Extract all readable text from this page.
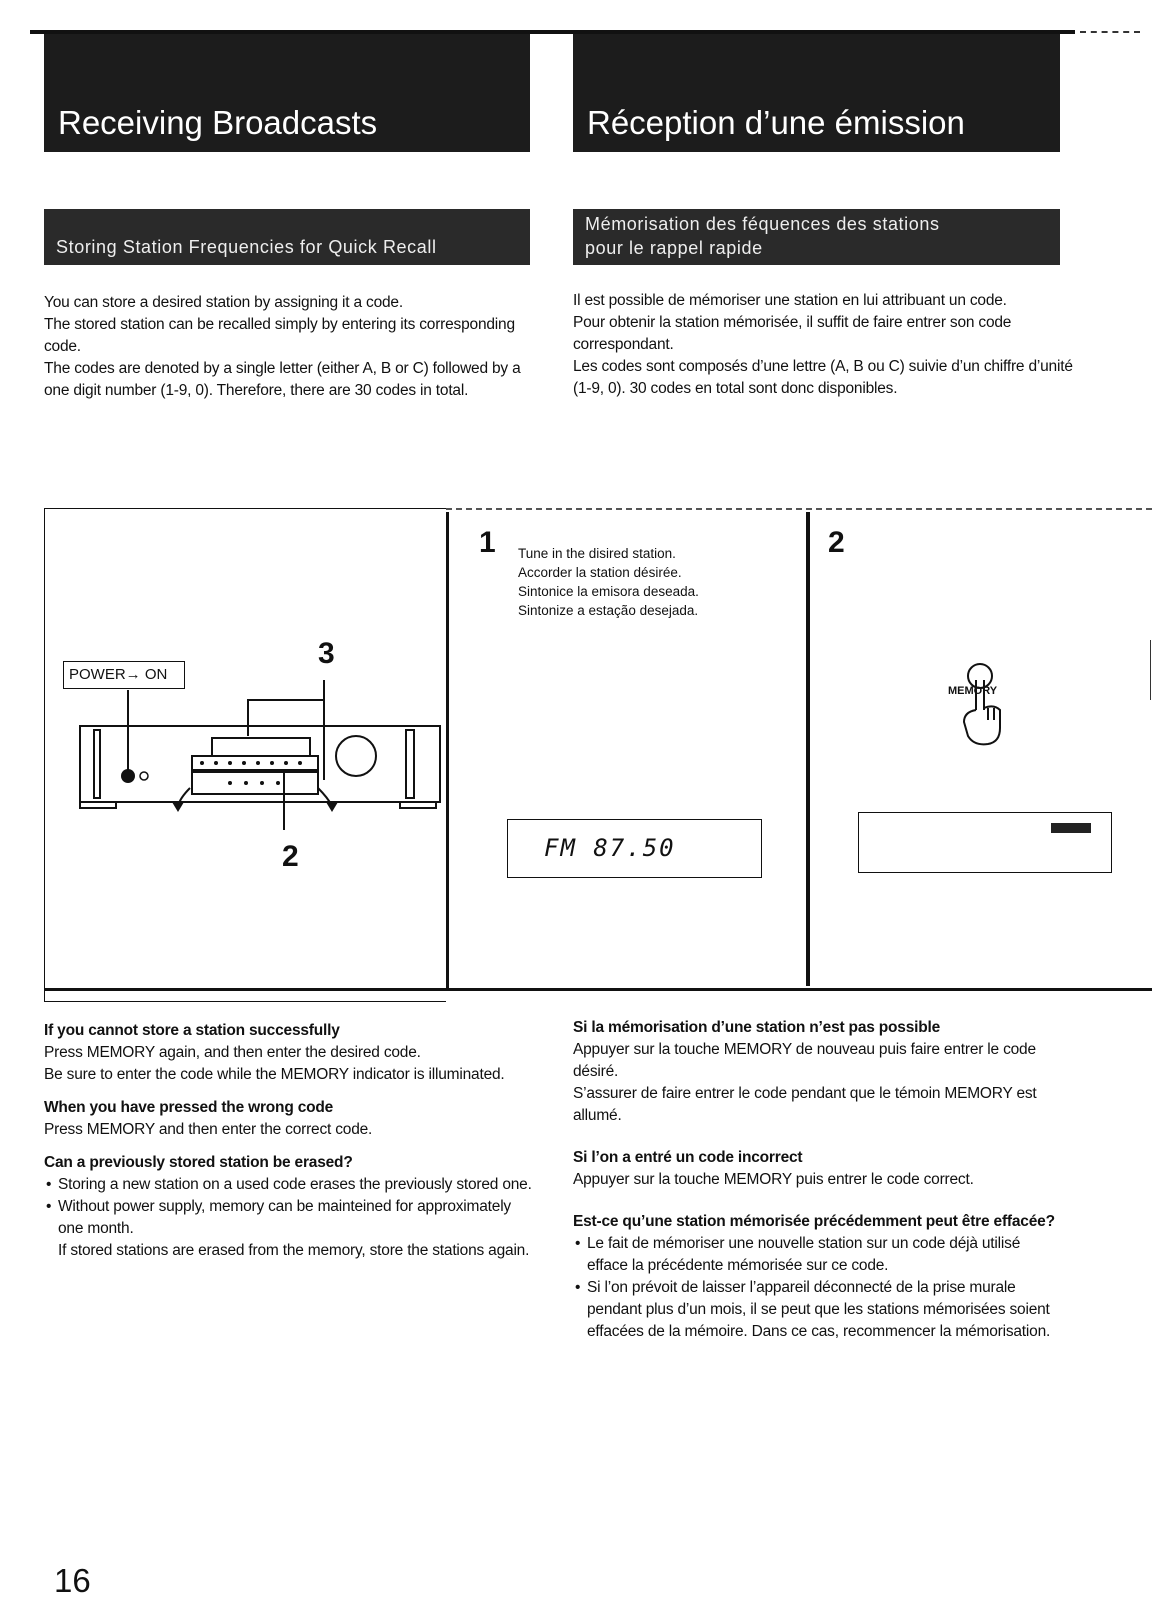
Receiving Broadcasts	Réception d’une émission
Storing Station Frequencies for Quick Recall
Mémorisation des féquences des stations
pour le rappel rapide

You can store a desired station by assigning it a code.

The stored station can be recalled simply by entering its corresponding code.

The codes are denoted by a single letter (either A, B or C) followed by a one digit number (1-9, 0). Therefore, there are 30 codes in total.

Il est possible de mémoriser une station en lui attribuant un code.

Pour obtenir la station mémorisée, il suffit de faire entrer son code correspondant.

Les codes sont composés d’une lettre (A, B ou C) suivie d’un chiffre d’unité (1-9, 0). 30 codes en total sont donc disponibles.

POWER→ ON
3
2
1 Tune in the disired station.
Accorder la station désirée.
Sintonice la emisora deseada.
Sintonize a estação desejada.
FM 87.50
2
MEMORY
If you cannot store a station successfully

Press MEMORY again, and then enter the desired code.

Be sure to enter the code while the MEMORY indicator is illuminated.

When you have pressed the wrong code

Press MEMORY and then enter the correct code.

Can a previously stored station be erased?
• Storing a new station on a used code erases the previously stored one.
• Without power supply, memory can be mainteined for approximately one month.

If stored stations are erased from the memory, store the stations again.

Si la mémorisation d’une station n’est pas possible

Appuyer sur la touche MEMORY de nouveau puis faire entrer le code désiré.

S’assurer de faire entrer le code pendant que le témoin MEMORY est allumé.

Si l’on a entré un code incorrect

Appuyer sur la touche MEMORY puis entrer le code correct.

Est-ce qu’une station mémorisée précédemment peut être effacée?
• Le fait de mémoriser une nouvelle station sur un code déjà utilisé efface la précédente mémorisée sur ce code.
• Si l’on prévoit de laisser l’appareil déconnecté de la prise murale pendant plus d’un mois, il se peut que les stations mémorisées soient effacées de la mémoire. Dans ce cas, recommencer la mémorisation.
16
